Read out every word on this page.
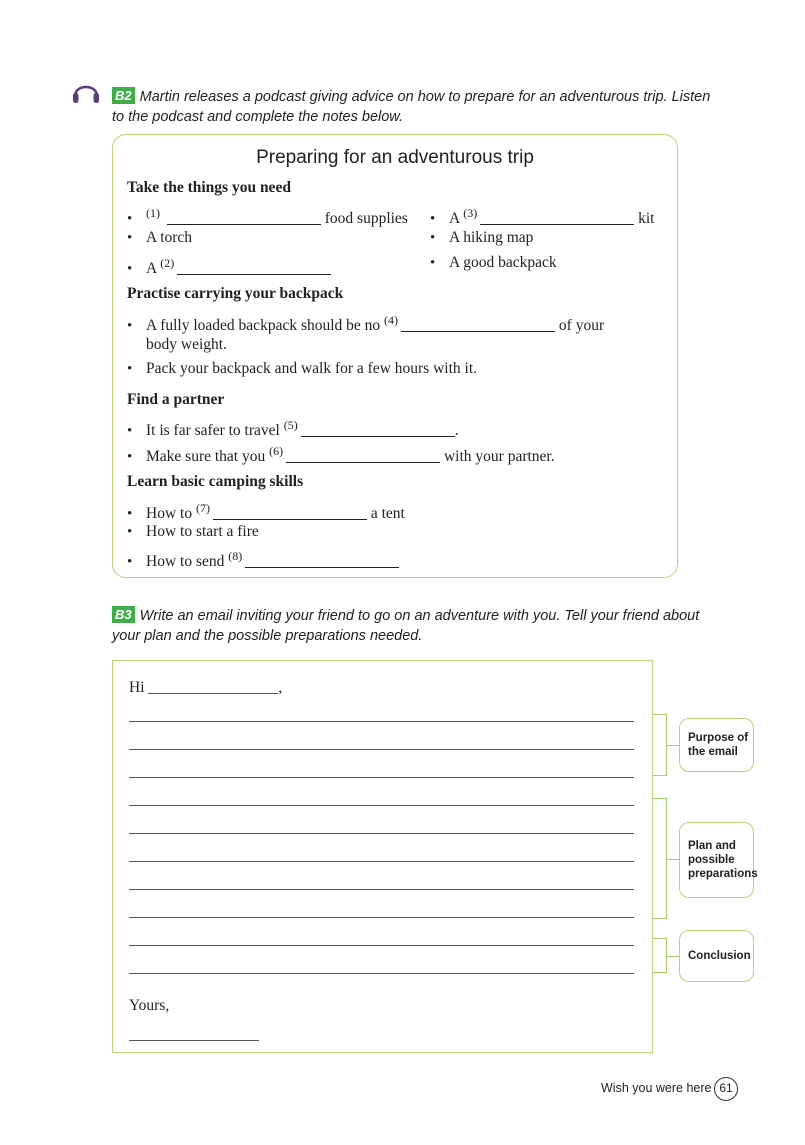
B2 Martin releases a podcast giving advice on how to prepare for an adventurous trip. Listen
to the podcast and complete the notes below.
Preparing for an adventurous trip
Take the things you need
• $^{(1)}$	food supplies
• A torch
• A $^{(2)}$
• A $^{(3)}$	kit
• A hiking map
• A good backpack
Practise carrying your backpack
• A fully loaded backpack should be no $^{(4)}$	of your
body weight.
• Pack your backpack and walk for a few hours with it.
Find a partner
• It is far safer to travel $^{(5)}$	.
• Make sure that you $^{(6)}$	with your partner.
Learn basic camping skills
• How to $^{(7)}$	a tent
• How to start a fire
• How to send $^{(8)}$
B3 Write an email inviting your friend to go on an adventure with you. Tell your friend about
your plan and the possible preparations needed.
Hi	,
Yours,
Purpose of the email
Plan and possible preparations
Conclusion
Wish you were here 61
